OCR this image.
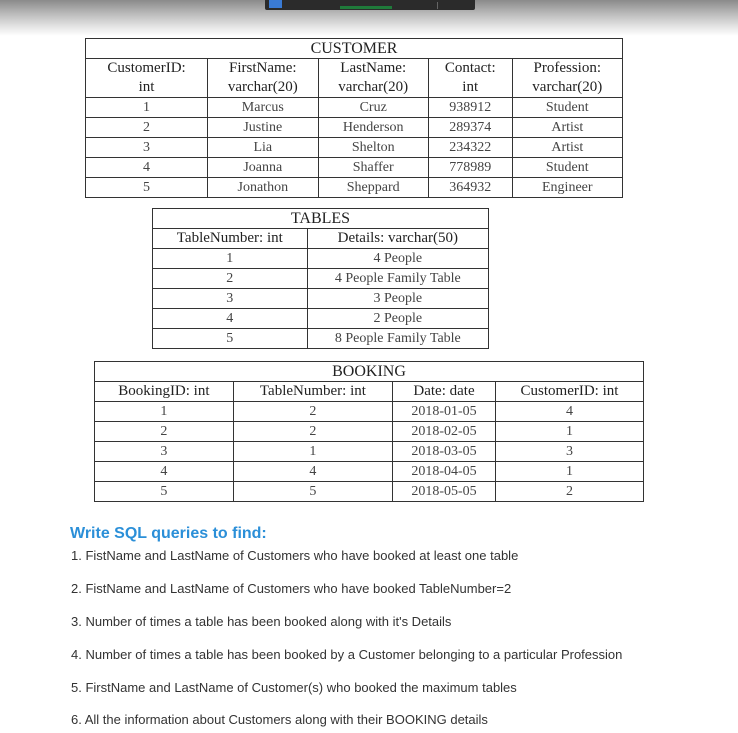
CUSTOMER				
CustomerID:	FirstName:	LastName:	Contact:	Profession:
int	varchar(20)	varchar(20)	int	varchar(20)
1	Marcus	Cruz	938912	Student
2	Justine	Henderson	289374	Artist
3	Lia	Shelton	234322	Artist
4	Joanna	Shaffer	778989	Student
5	Jonathon	Sheppard	364932	Engineer
TABLES	
TableNumber: int	Details: varchar(50)
1	4 People
2	4 People Family Table
3	3 People
4	2 People
5	8 People Family Table
BOOKING			
BookingID: int	TableNumber: int	Date: date	CustomerID: int
1	2	2018-01-05	4
2	2	2018-02-05	1
3	1	2018-03-05	3
4	4	2018-04-05	1
5	5	2018-05-05	2
Write SQL queries to find:
1. FistName and LastName of Customers who have booked at least one table
2. FistName and LastName of Customers who have booked TableNumber=2
3. Number of times a table has been booked along with it's Details
4. Number of times a table has been booked by a Customer belonging to a particular Profession
5. FirstName and LastName of Customer(s) who booked the maximum tables
6. All the information about Customers along with their BOOKING details
